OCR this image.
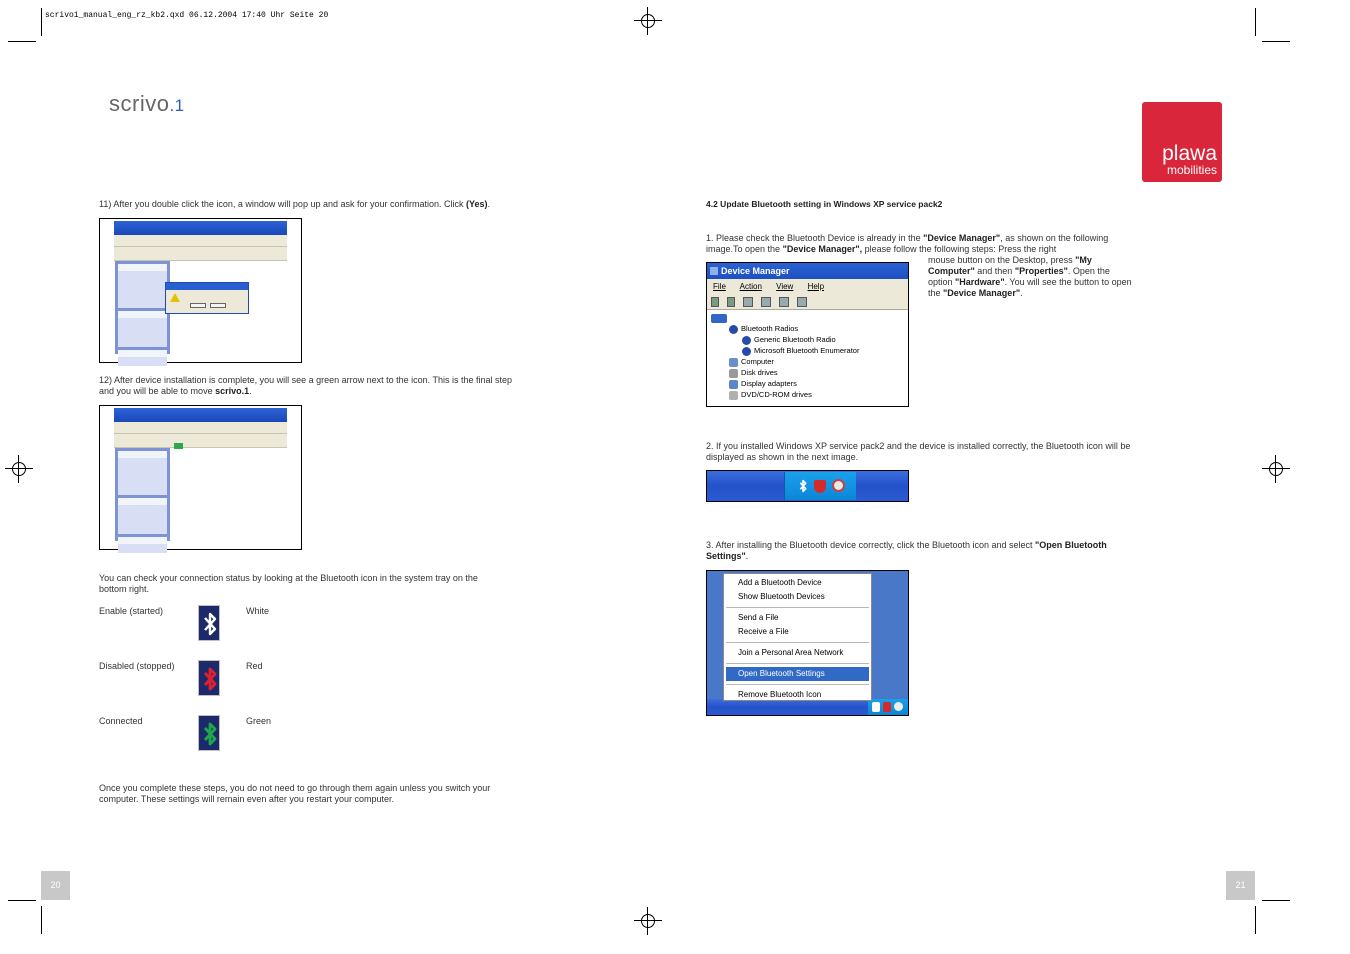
scrivo1_manual_eng_rz_kb2.qxd 06.12.2004 17:40 Uhr Seite 20
scrivo.1
plawa
mobilities
11) After you double click the icon, a window will pop up and ask for your confirmation. Click (Yes).
12) After device installation is complete, you will see a green arrow next to the icon. This is the final step and you will be able to move scrivo.1.
You can check your connection status by looking at the Bluetooth icon in the system tray on the bottom right.
Enable (started)	White
Disabled (stopped)	Red
Connected	Green
Once you complete these steps, you do not need to go through them again unless you switch your computer. These settings will remain even after you restart your computer.
20
4.2 Update Bluetooth setting in Windows XP service pack2
1. Please check the Bluetooth Device is already in the "Device Manager", as shown on the following image.To open the "Device Manager", please follow the following steps: Press the right
mouse button on the Desktop, press "My Computer" and then "Properties". Open the option "Hardware". You will see the button to open the "Device Manager".
Device Manager
File Action View Help
Bluetooth Radios
Generic Bluetooth Radio
Microsoft Bluetooth Enumerator
Computer
Disk drives
Display adapters
DVD/CD-ROM drives
2. If you installed Windows XP service pack2 and the device is installed correctly, the Bluetooth icon will be displayed as shown in the next image.
3. After installing the Bluetooth device correctly, click the Bluetooth icon and select "Open Bluetooth Settings".
Add a Bluetooth Device
Show Bluetooth Devices
Send a File
Receive a File
Join a Personal Area Network
Open Bluetooth Settings
Remove Bluetooth Icon
21
